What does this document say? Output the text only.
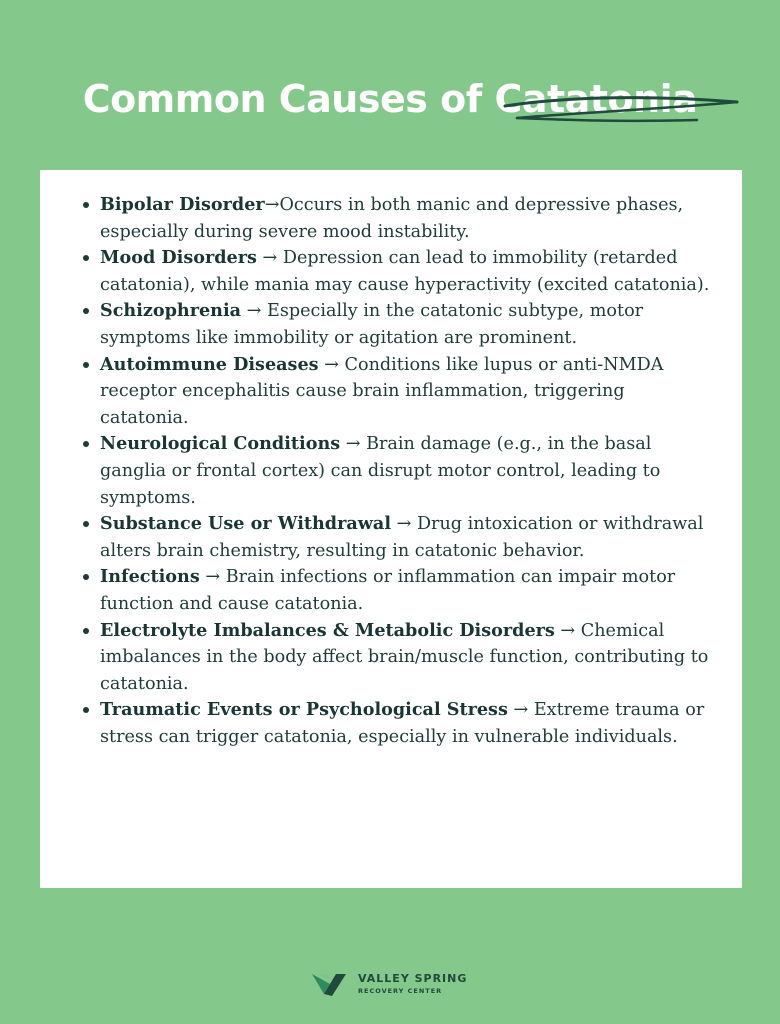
Common Causes of Catatonia
Bipolar Disorder→Occurs in both manic and depressive phases, especially during severe mood instability.
Mood Disorders → Depression can lead to immobility (retarded catatonia), while mania may cause hyperactivity (excited catatonia).
Schizophrenia → Especially in the catatonic subtype, motor symptoms like immobility or agitation are prominent.
Autoimmune Diseases → Conditions like lupus or anti-NMDA receptor encephalitis cause brain inflammation, triggering catatonia.
Neurological Conditions → Brain damage (e.g., in the basal ganglia or frontal cortex) can disrupt motor control, leading to symptoms.
Substance Use or Withdrawal → Drug intoxication or withdrawal alters brain chemistry, resulting in catatonic behavior.
Infections → Brain infections or inflammation can impair motor function and cause catatonia.
Electrolyte Imbalances & Metabolic Disorders → Chemical imbalances in the body affect brain/muscle function, contributing to catatonia.
Traumatic Events or Psychological Stress → Extreme trauma or stress can trigger catatonia, especially in vulnerable individuals.
VALLEY SPRING
RECOVERY CENTER
